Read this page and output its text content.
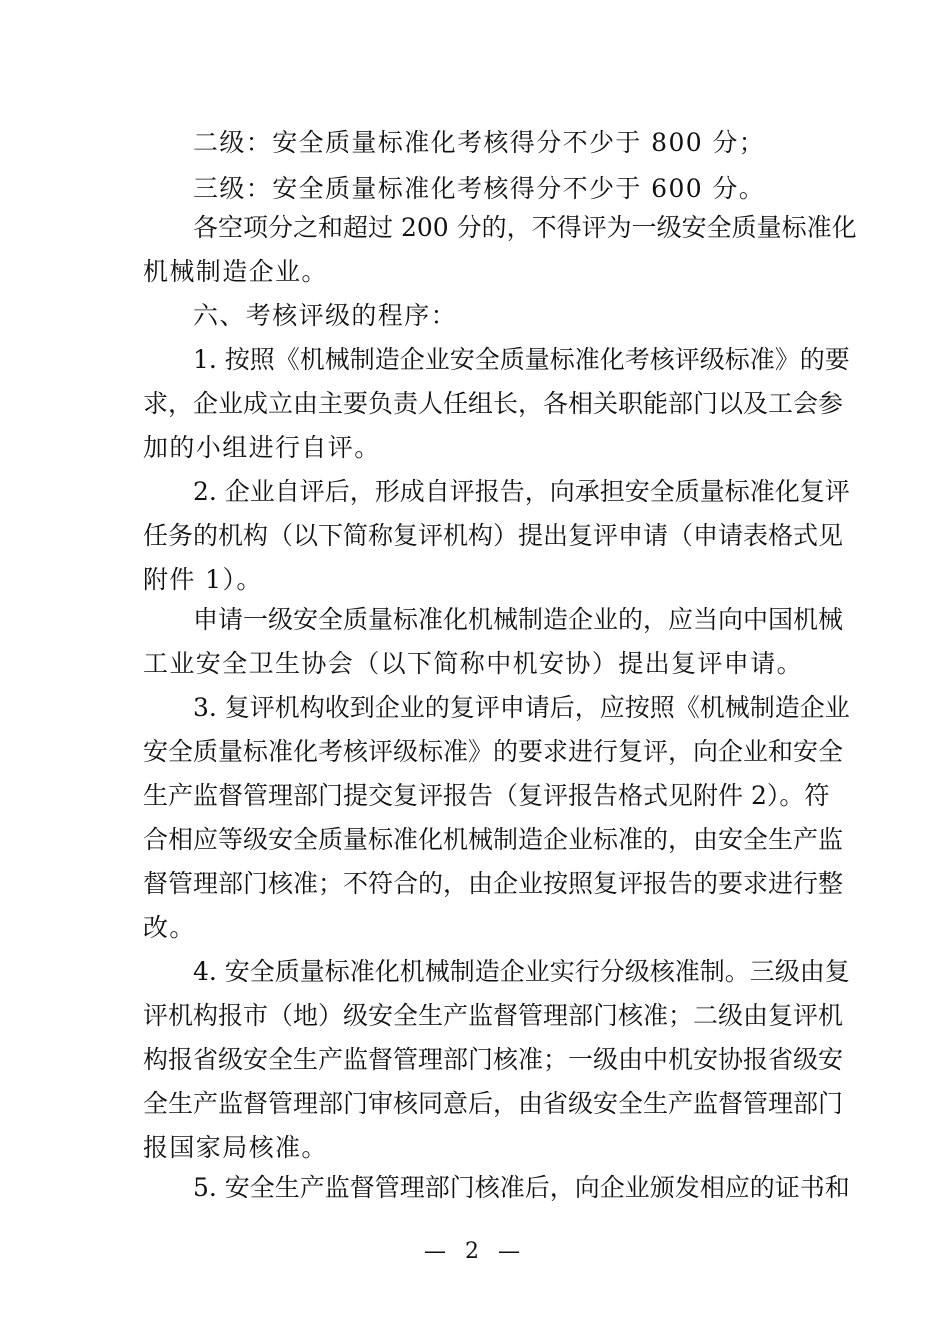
二级：安全质量标准化考核得分不少于 800 分；
三级：安全质量标准化考核得分不少于 600 分。
各空项分之和超过 200 分的，不得评为一级安全质量标准化
机械制造企业。
六、考核评级的程序：
1. 按照《机械制造企业安全质量标准化考核评级标准》的要
求，企业成立由主要负责人任组长，各相关职能部门以及工会参
加的小组进行自评。
2. 企业自评后，形成自评报告，向承担安全质量标准化复评
任务的机构（以下简称复评机构）提出复评申请（申请表格式见
附件 1）。
申请一级安全质量标准化机械制造企业的，应当向中国机械
工业安全卫生协会（以下简称中机安协）提出复评申请。
3. 复评机构收到企业的复评申请后，应按照《机械制造企业
安全质量标准化考核评级标准》的要求进行复评，向企业和安全
生产监督管理部门提交复评报告（复评报告格式见附件 2）。符
合相应等级安全质量标准化机械制造企业标准的，由安全生产监
督管理部门核准；不符合的，由企业按照复评报告的要求进行整
改。
4. 安全质量标准化机械制造企业实行分级核准制。三级由复
评机构报市（地）级安全生产监督管理部门核准；二级由复评机
构报省级安全生产监督管理部门核准；一级由中机安协报省级安
全生产监督管理部门审核同意后，由省级安全生产监督管理部门
报国家局核准。
5. 安全生产监督管理部门核准后，向企业颁发相应的证书和
— 2 —
